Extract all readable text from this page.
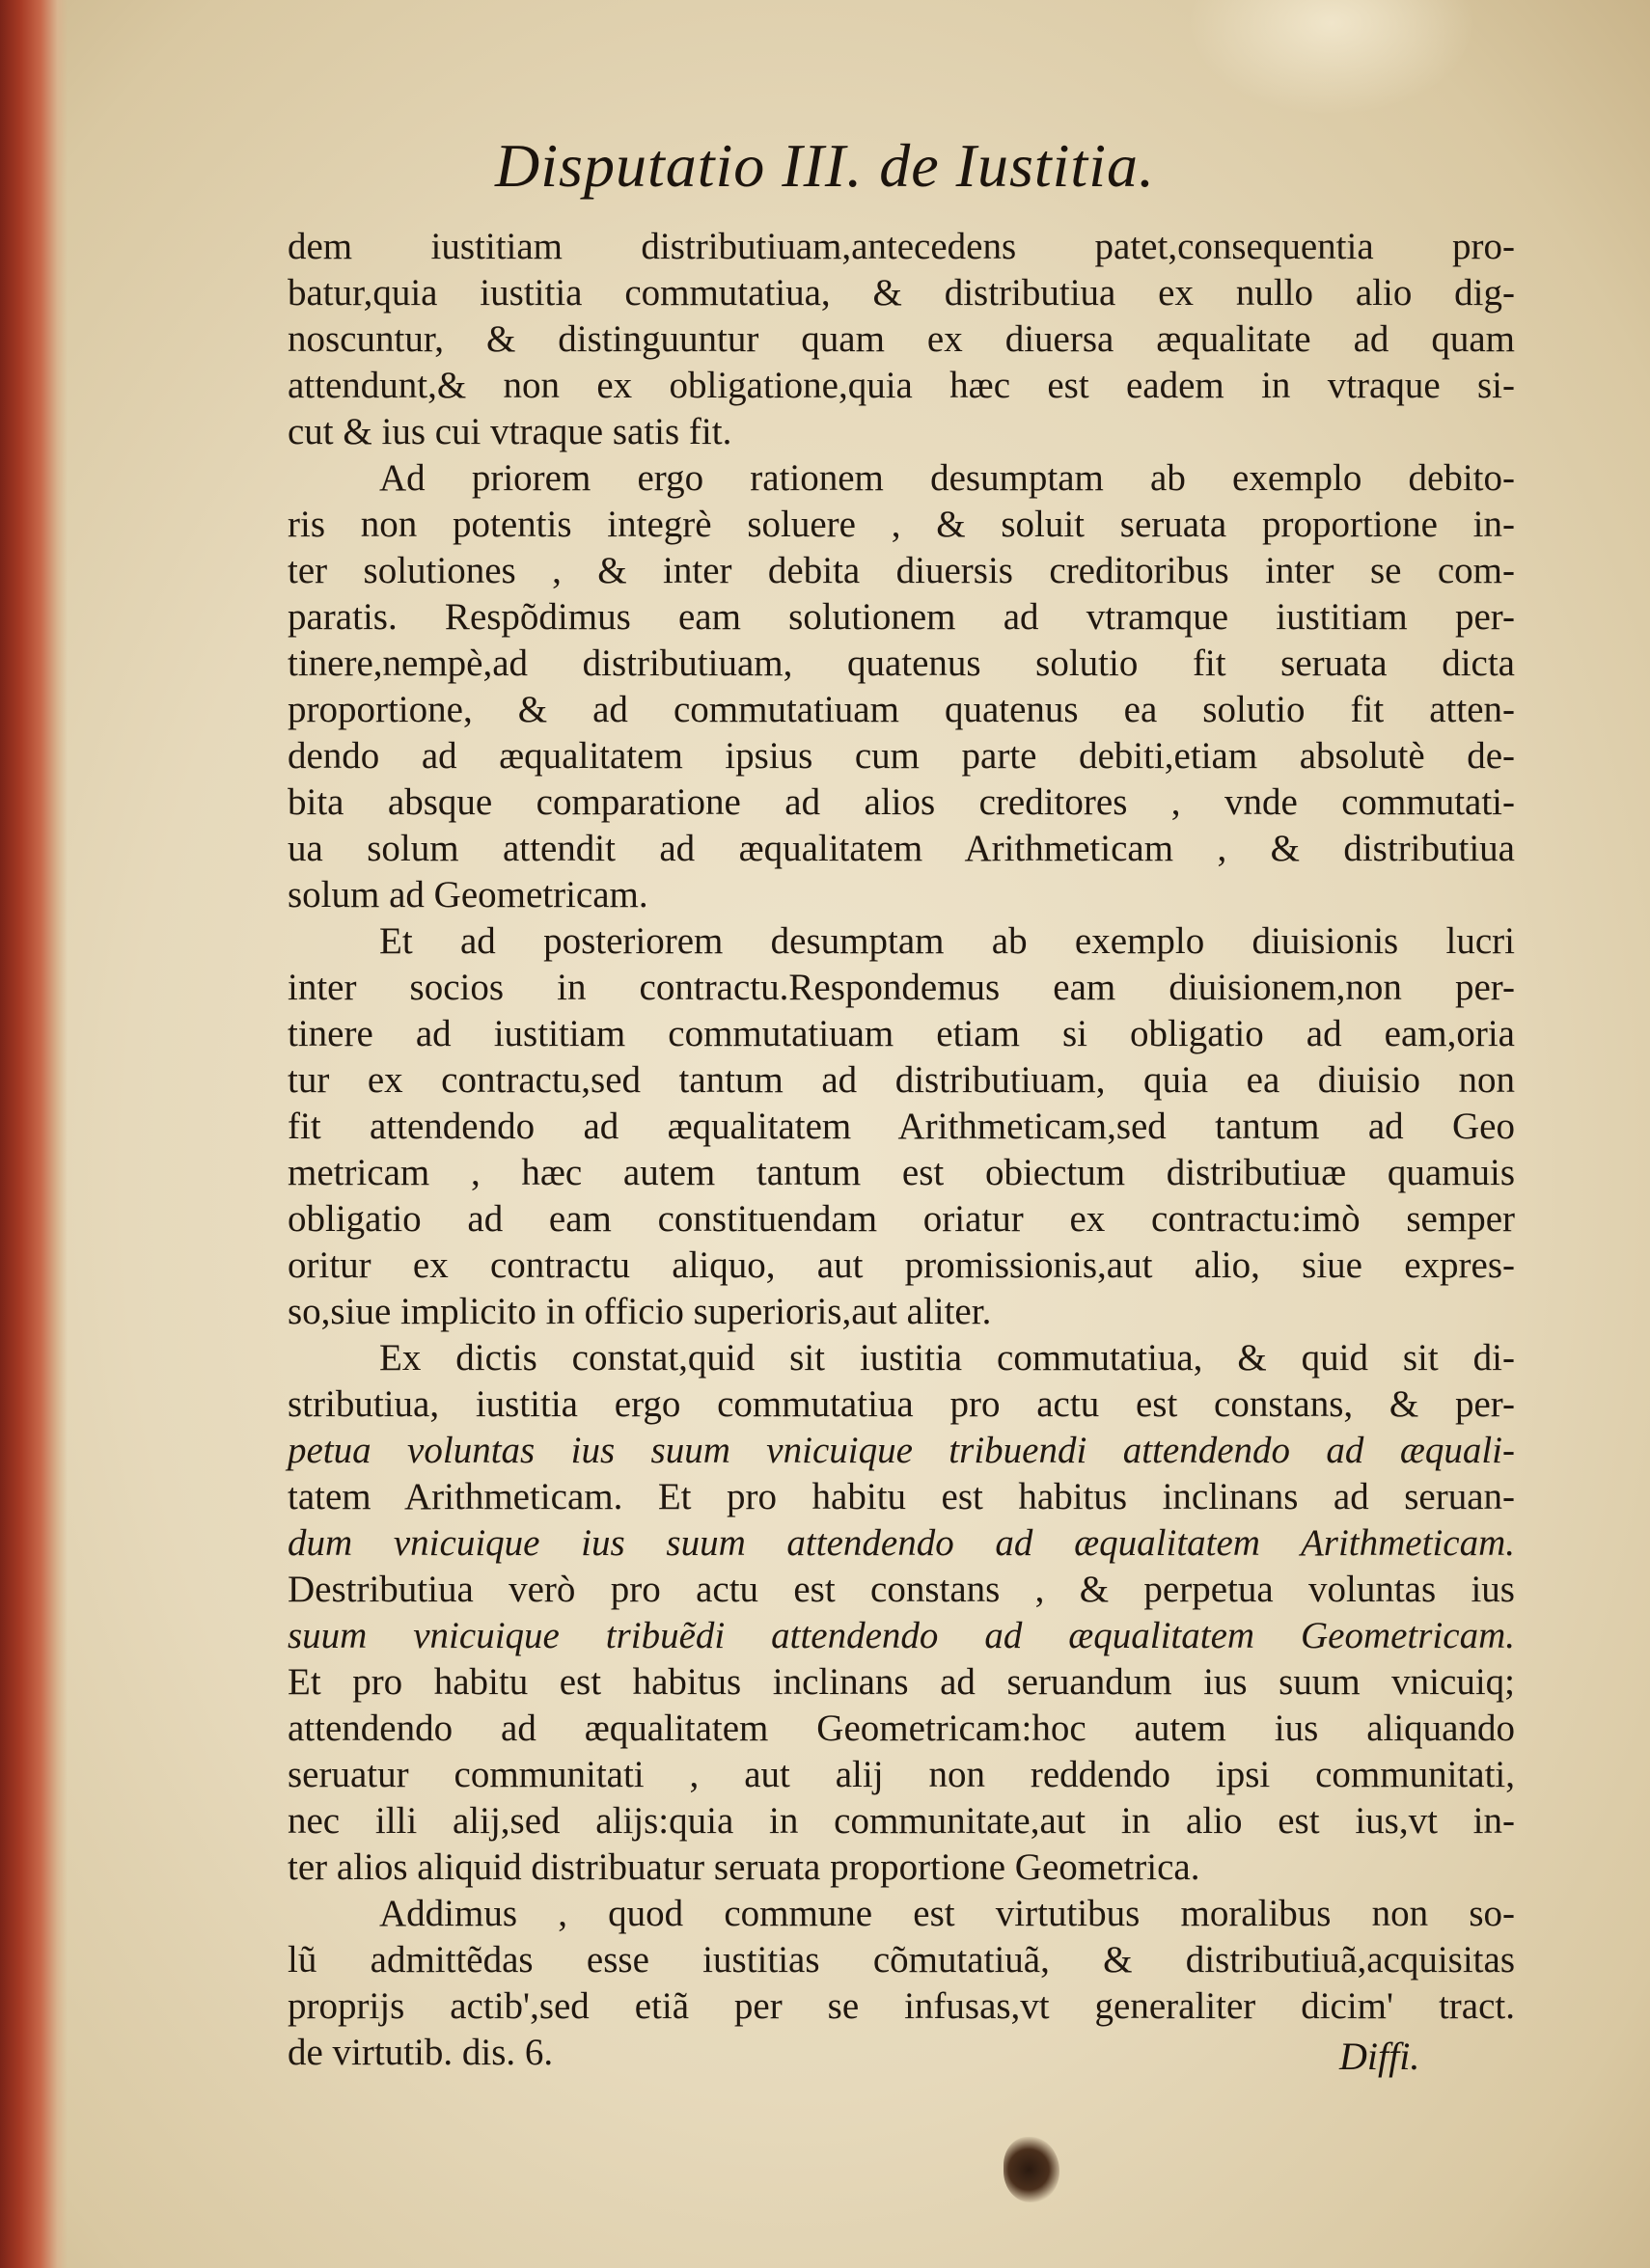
Disputatio III. de Iustitia.
dem iustitiam distributiuam,antecedens patet,consequentia pro-
batur,quia iustitia commutatiua, & distributiua ex nullo alio dig-
noscuntur, & distinguuntur quam ex diuersa æqualitate ad quam
attendunt,& non ex obligatione,quia hæc est eadem in vtraque si-
cut & ius cui vtraque satis fit.
Ad priorem ergo rationem desumptam ab exemplo debito-
ris non potentis integrè soluere , & soluit seruata proportione in-
ter solutiones , & inter debita diuersis creditoribus inter se com-
paratis. Respõdimus eam solutionem ad vtramque iustitiam per-
tinere,nempè,ad distributiuam, quatenus solutio fit seruata dicta
proportione, & ad commutatiuam quatenus ea solutio fit atten-
dendo ad æqualitatem ipsius cum parte debiti,etiam absolutè de-
bita absque comparatione ad alios creditores , vnde commutati-
ua solum attendit ad æqualitatem Arithmeticam , & distributiua
solum ad Geometricam.
Et ad posteriorem desumptam ab exemplo diuisionis lucri
inter socios in contractu.Respondemus eam diuisionem,non per-
tinere ad iustitiam commutatiuam etiam si obligatio ad eam,oria
tur ex contractu,sed tantum ad distributiuam, quia ea diuisio non
fit attendendo ad æqualitatem Arithmeticam,sed tantum ad Geo
metricam , hæc autem tantum est obiectum distributiuæ quamuis
obligatio ad eam constituendam oriatur ex contractu:imò semper
oritur ex contractu aliquo, aut promissionis,aut alio, siue expres-
so,siue implicito in officio superioris,aut aliter.
Ex dictis constat,quid sit iustitia commutatiua, & quid sit di-
stributiua, iustitia ergo commutatiua pro actu est constans, & per-
petua voluntas ius suum vnicuique tribuendi attendendo ad æquali-
tatem Arithmeticam. Et pro habitu est habitus inclinans ad seruan-
dum vnicuique ius suum attendendo ad æqualitatem Arithmeticam.
Destributiua verò pro actu est constans , & perpetua voluntas ius
suum vnicuique tribuẽdi attendendo ad æqualitatem Geometricam.
Et pro habitu est habitus inclinans ad seruandum ius suum vnicuiq;
attendendo ad æqualitatem Geometricam:hoc autem ius aliquando
seruatur communitati , aut alij non reddendo ipsi communitati,
nec illi alij,sed alijs:quia in communitate,aut in alio est ius,vt in-
ter alios aliquid distribuatur seruata proportione Geometrica.
Addimus , quod commune est virtutibus moralibus non so-
lũ admittẽdas esse iustitias cõmutatiuã, & distributiuã,acquisitas
proprijs actib',sed etiã per se infusas,vt generaliter dicim' tract.
de virtutib. dis. 6.	Diffi.
